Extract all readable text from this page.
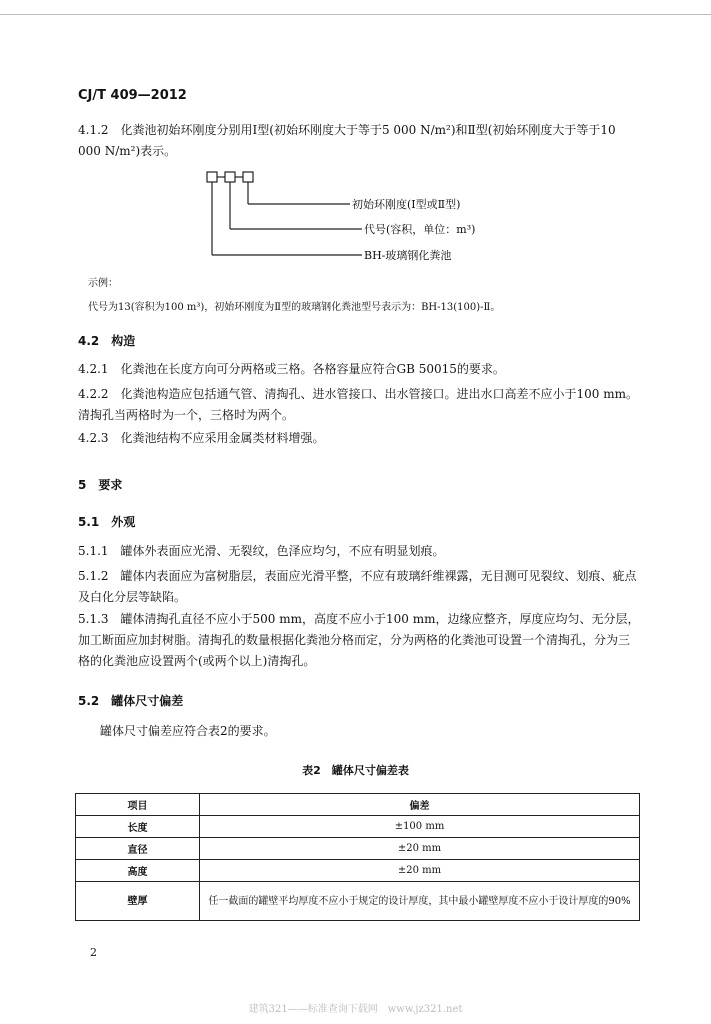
CJ/T 409—2012
4.1.2　化粪池初始环刚度分别用Ⅰ型(初始环刚度大于等于5 000 N/m²)和Ⅱ型(初始环刚度大于等于10 000 N/m²)表示。
初始环刚度(Ⅰ型或Ⅱ型)
代号(容积，单位：m³)
BH-玻璃钢化粪池
示例：
代号为13(容积为100 m³)，初始环刚度为Ⅱ型的玻璃钢化粪池型号表示为：BH-13(100)-Ⅱ。
4.2　构造
4.2.1　化粪池在长度方向可分两格或三格。各格容量应符合GB 50015的要求。
4.2.2　化粪池构造应包括通气管、清掏孔、进水管接口、出水管接口。进出水口高差不应小于100 mm。清掏孔当两格时为一个，三格时为两个。
4.2.3　化粪池结构不应采用金属类材料增强。
5　要求
5.1　外观
5.1.1　罐体外表面应光滑、无裂纹，色泽应均匀，不应有明显划痕。
5.1.2　罐体内表面应为富树脂层，表面应光滑平整，不应有玻璃纤维裸露，无目测可见裂纹、划痕、疵点及白化分层等缺陷。
5.1.3　罐体清掏孔直径不应小于500 mm，高度不应小于100 mm，边缘应整齐，厚度应均匀、无分层，加工断面应加封树脂。清掏孔的数量根据化粪池分格而定，分为两格的化粪池可设置一个清掏孔，分为三格的化粪池应设置两个(或两个以上)清掏孔。
5.2　罐体尺寸偏差
罐体尺寸偏差应符合表2的要求。
表2　罐体尺寸偏差表
项目	偏差
长度	±100 mm
直径	±20 mm
高度	±20 mm
壁厚	任一截面的罐壁平均厚度不应小于规定的设计厚度，其中最小罐壁厚度不应小于设计厚度的90%
2
建筑321——标准查询下载网　www.jz321.net
